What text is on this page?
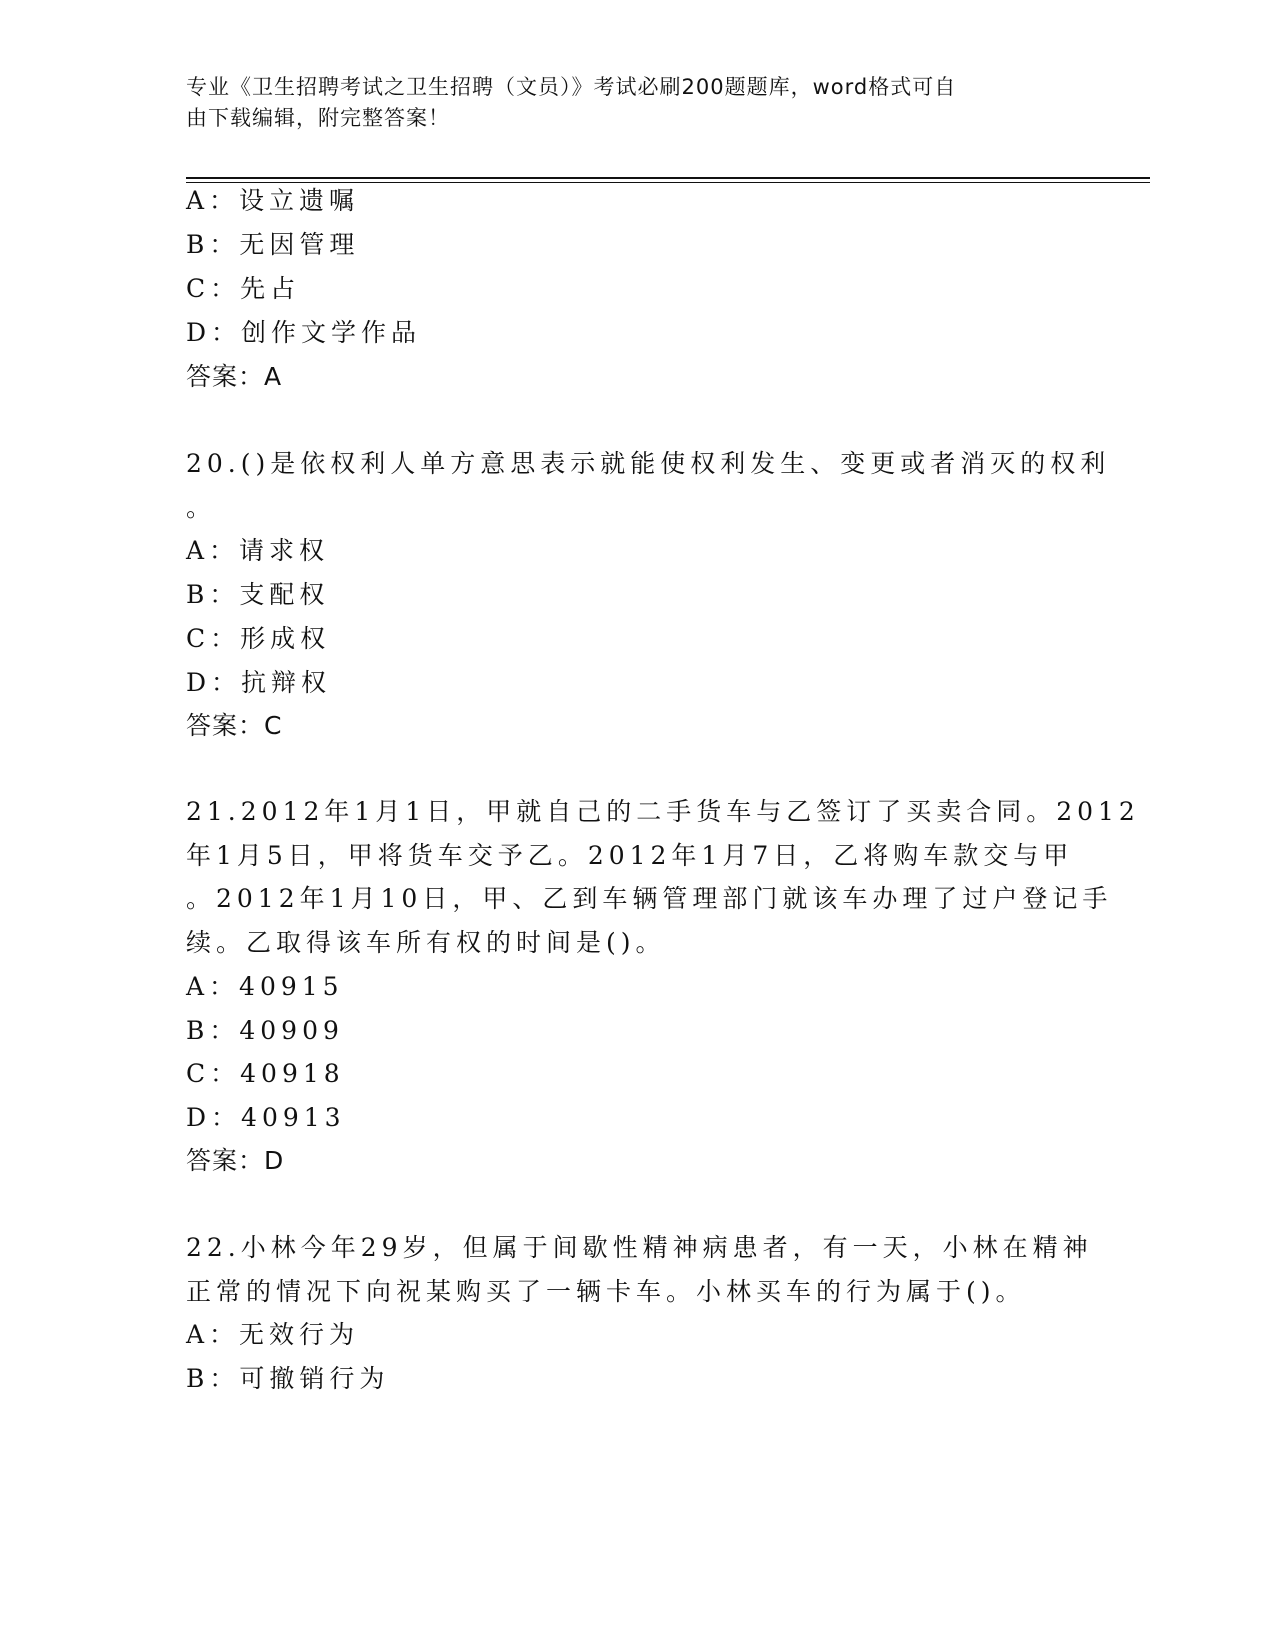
专业《卫生招聘考试之卫生招聘（文员）》考试必刷200题题库，word格式可自
由下载编辑，附完整答案！

A：设立遗嘱

B：无因管理

C：先占

D：创作文学作品

答案：A

20.()是依权利人单方意思表示就能使权利发生、变更或者消灭的权利

。

A：请求权

B：支配权

C：形成权

D：抗辩权

答案：C

21.2012年1月1日，甲就自己的二手货车与乙签订了买卖合同。2012

年1月5日，甲将货车交予乙。2012年1月7日，乙将购车款交与甲

。2012年1月10日，甲、乙到车辆管理部门就该车办理了过户登记手

续。乙取得该车所有权的时间是()。

A：40915

B：40909

C：40918

D：40913

答案：D

22.小林今年29岁，但属于间歇性精神病患者，有一天，小林在精神

正常的情况下向祝某购买了一辆卡车。小林买车的行为属于()。

A：无效行为

B：可撤销行为
